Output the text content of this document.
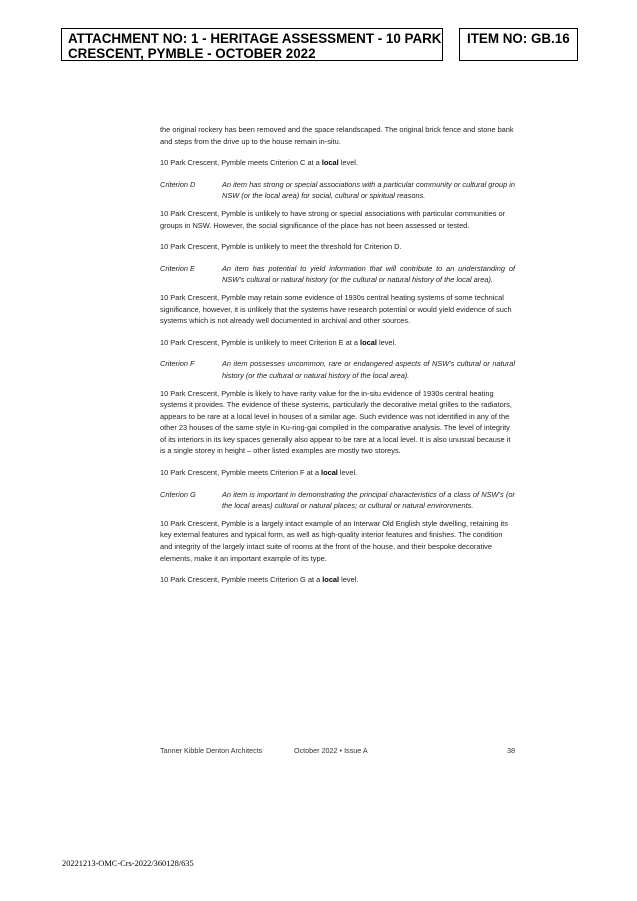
ATTACHMENT NO: 1 - HERITAGE ASSESSMENT - 10 PARK
CRESCENT, PYMBLE - OCTOBER 2022
ITEM NO: GB.16

the original rockery has been removed and the space relandscaped. The original brick fence and stone bank and steps from the drive up to the house remain in-situ.

10 Park Crescent, Pymble meets Criterion C at a local level.

Criterion D	An item has strong or special associations with a particular community or cultural group in NSW (or the local area) for social, cultural or spiritual reasons.

10 Park Crescent, Pymble is unlikely to have strong or special associations with particular communities or groups in NSW. However, the social significance of the place has not been assessed or tested.

10 Park Crescent, Pymble is unlikely to meet the threshold for Criterion D.

Criterion E	An item has potential to yield information that will contribute to an understanding of NSW’s cultural or natural history (or the cultural or natural history of the local area).

10 Park Crescent, Pymble may retain some evidence of 1930s central heating systems of some technical significance, however, it is unlikely that the systems have research potential or would yield evidence of such systems which is not already well documented in archival and other sources.

10 Park Crescent, Pymble is unlikely to meet Criterion E at a local level.

Criterion F	An item possesses uncommon, rare or endangered aspects of NSW’s cultural or natural history (or the cultural or natural history of the local area).

10 Park Crescent, Pymble is likely to have rarity value for the in-situ evidence of 1930s central heating systems it provides. The evidence of these systems, particularly the decorative metal grilles to the radiators, appears to be rare at a local level in houses of a similar age. Such evidence was not identified in any of the other 23 houses of the same style in Ku-ring-gai compiled in the comparative analysis. The level of integrity of its interiors in its key spaces generally also appear to be rare at a local level. It is also unusual because it is a single storey in height – other listed examples are mostly two storeys.

10 Park Crescent, Pymble meets Criterion F at a local level.

Criterion G	An item is important in demonstrating the principal characteristics of a class of NSW’s (or the local areas) cultural or natural places; or cultural or natural environments.

10 Park Crescent, Pymble is a largely intact example of an Interwar Old English style dwelling, retaining its key external features and typical form, as well as high-quality interior features and finishes. The condition and integrity of the largely intact suite of rooms at the front of the house, and their bespoke decorative elements, make it an important example of its type.

10 Park Crescent, Pymble meets Criterion G at a local level.

Tanner Kibble Denton Architects	October 2022 • Issue A	38
20221213-OMC-Crs-2022/360128/635
